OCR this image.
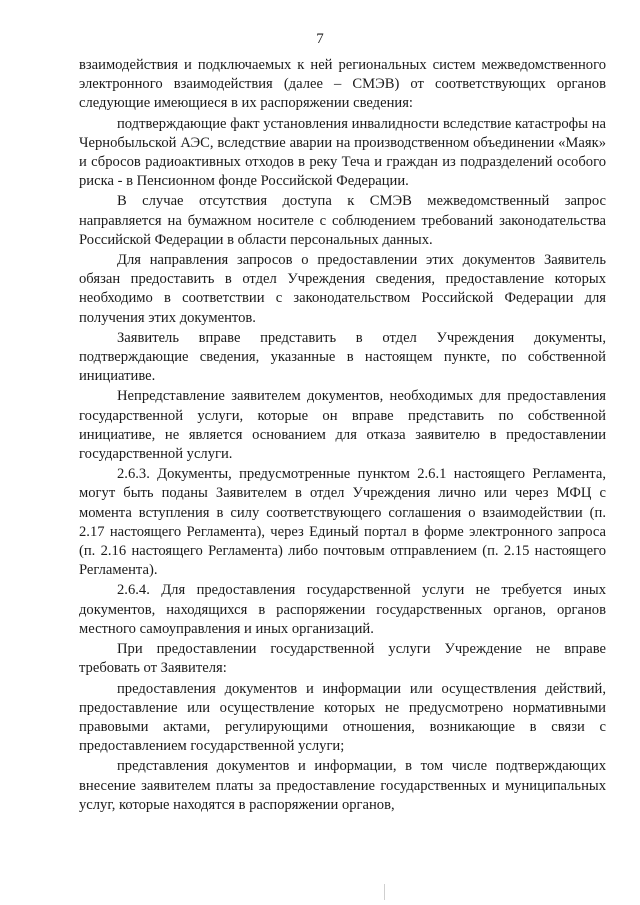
7

взаимодействия и подключаемых к ней региональных систем межведомственного электронного взаимодействия (далее – СМЭВ) от соответствующих органов следующие имеющиеся в их распоряжении сведения:

подтверждающие факт установления инвалидности вследствие катастрофы на Чернобыльской АЭС, вследствие аварии на производственном объединении «Маяк» и сбросов радиоактивных отходов в реку Теча и граждан из подразделений особого риска - в Пенсионном фонде Российской Федерации.

В случае отсутствия доступа к СМЭВ межведомственный запрос направляется на бумажном носителе с соблюдением требований законодательства Российской Федерации в области персональных данных.

Для направления запросов о предоставлении этих документов Заявитель обязан предоставить в отдел Учреждения сведения, предоставление которых необходимо в соответствии с законодательством Российской Федерации для получения этих документов.

Заявитель вправе представить в отдел Учреждения документы, подтверждающие сведения, указанные в настоящем пункте, по собственной инициативе.

Непредставление заявителем документов, необходимых для предоставления государственной услуги, которые он вправе представить по собственной инициативе, не является основанием для отказа заявителю в предоставлении государственной услуги.

2.6.3. Документы, предусмотренные пунктом 2.6.1 настоящего Регламента, могут быть поданы Заявителем в отдел Учреждения лично или через МФЦ с момента вступления в силу соответствующего соглашения о взаимодействии (п. 2.17 настоящего Регламента), через Единый портал в форме электронного запроса (п. 2.16 настоящего Регламента) либо почтовым отправлением (п. 2.15 настоящего Регламента).

2.6.4. Для предоставления государственной услуги не требуется иных документов, находящихся в распоряжении государственных органов, органов местного самоуправления и иных организаций.

При предоставлении государственной услуги Учреждение не вправе требовать от Заявителя:

предоставления документов и информации или осуществления действий, предоставление или осуществление которых не предусмотрено нормативными правовыми актами, регулирующими отношения, возникающие в связи с предоставлением государственной услуги;

представления документов и информации, в том числе подтверждающих внесение заявителем платы за предоставление государственных и муниципальных услуг, которые находятся в распоряжении органов,
